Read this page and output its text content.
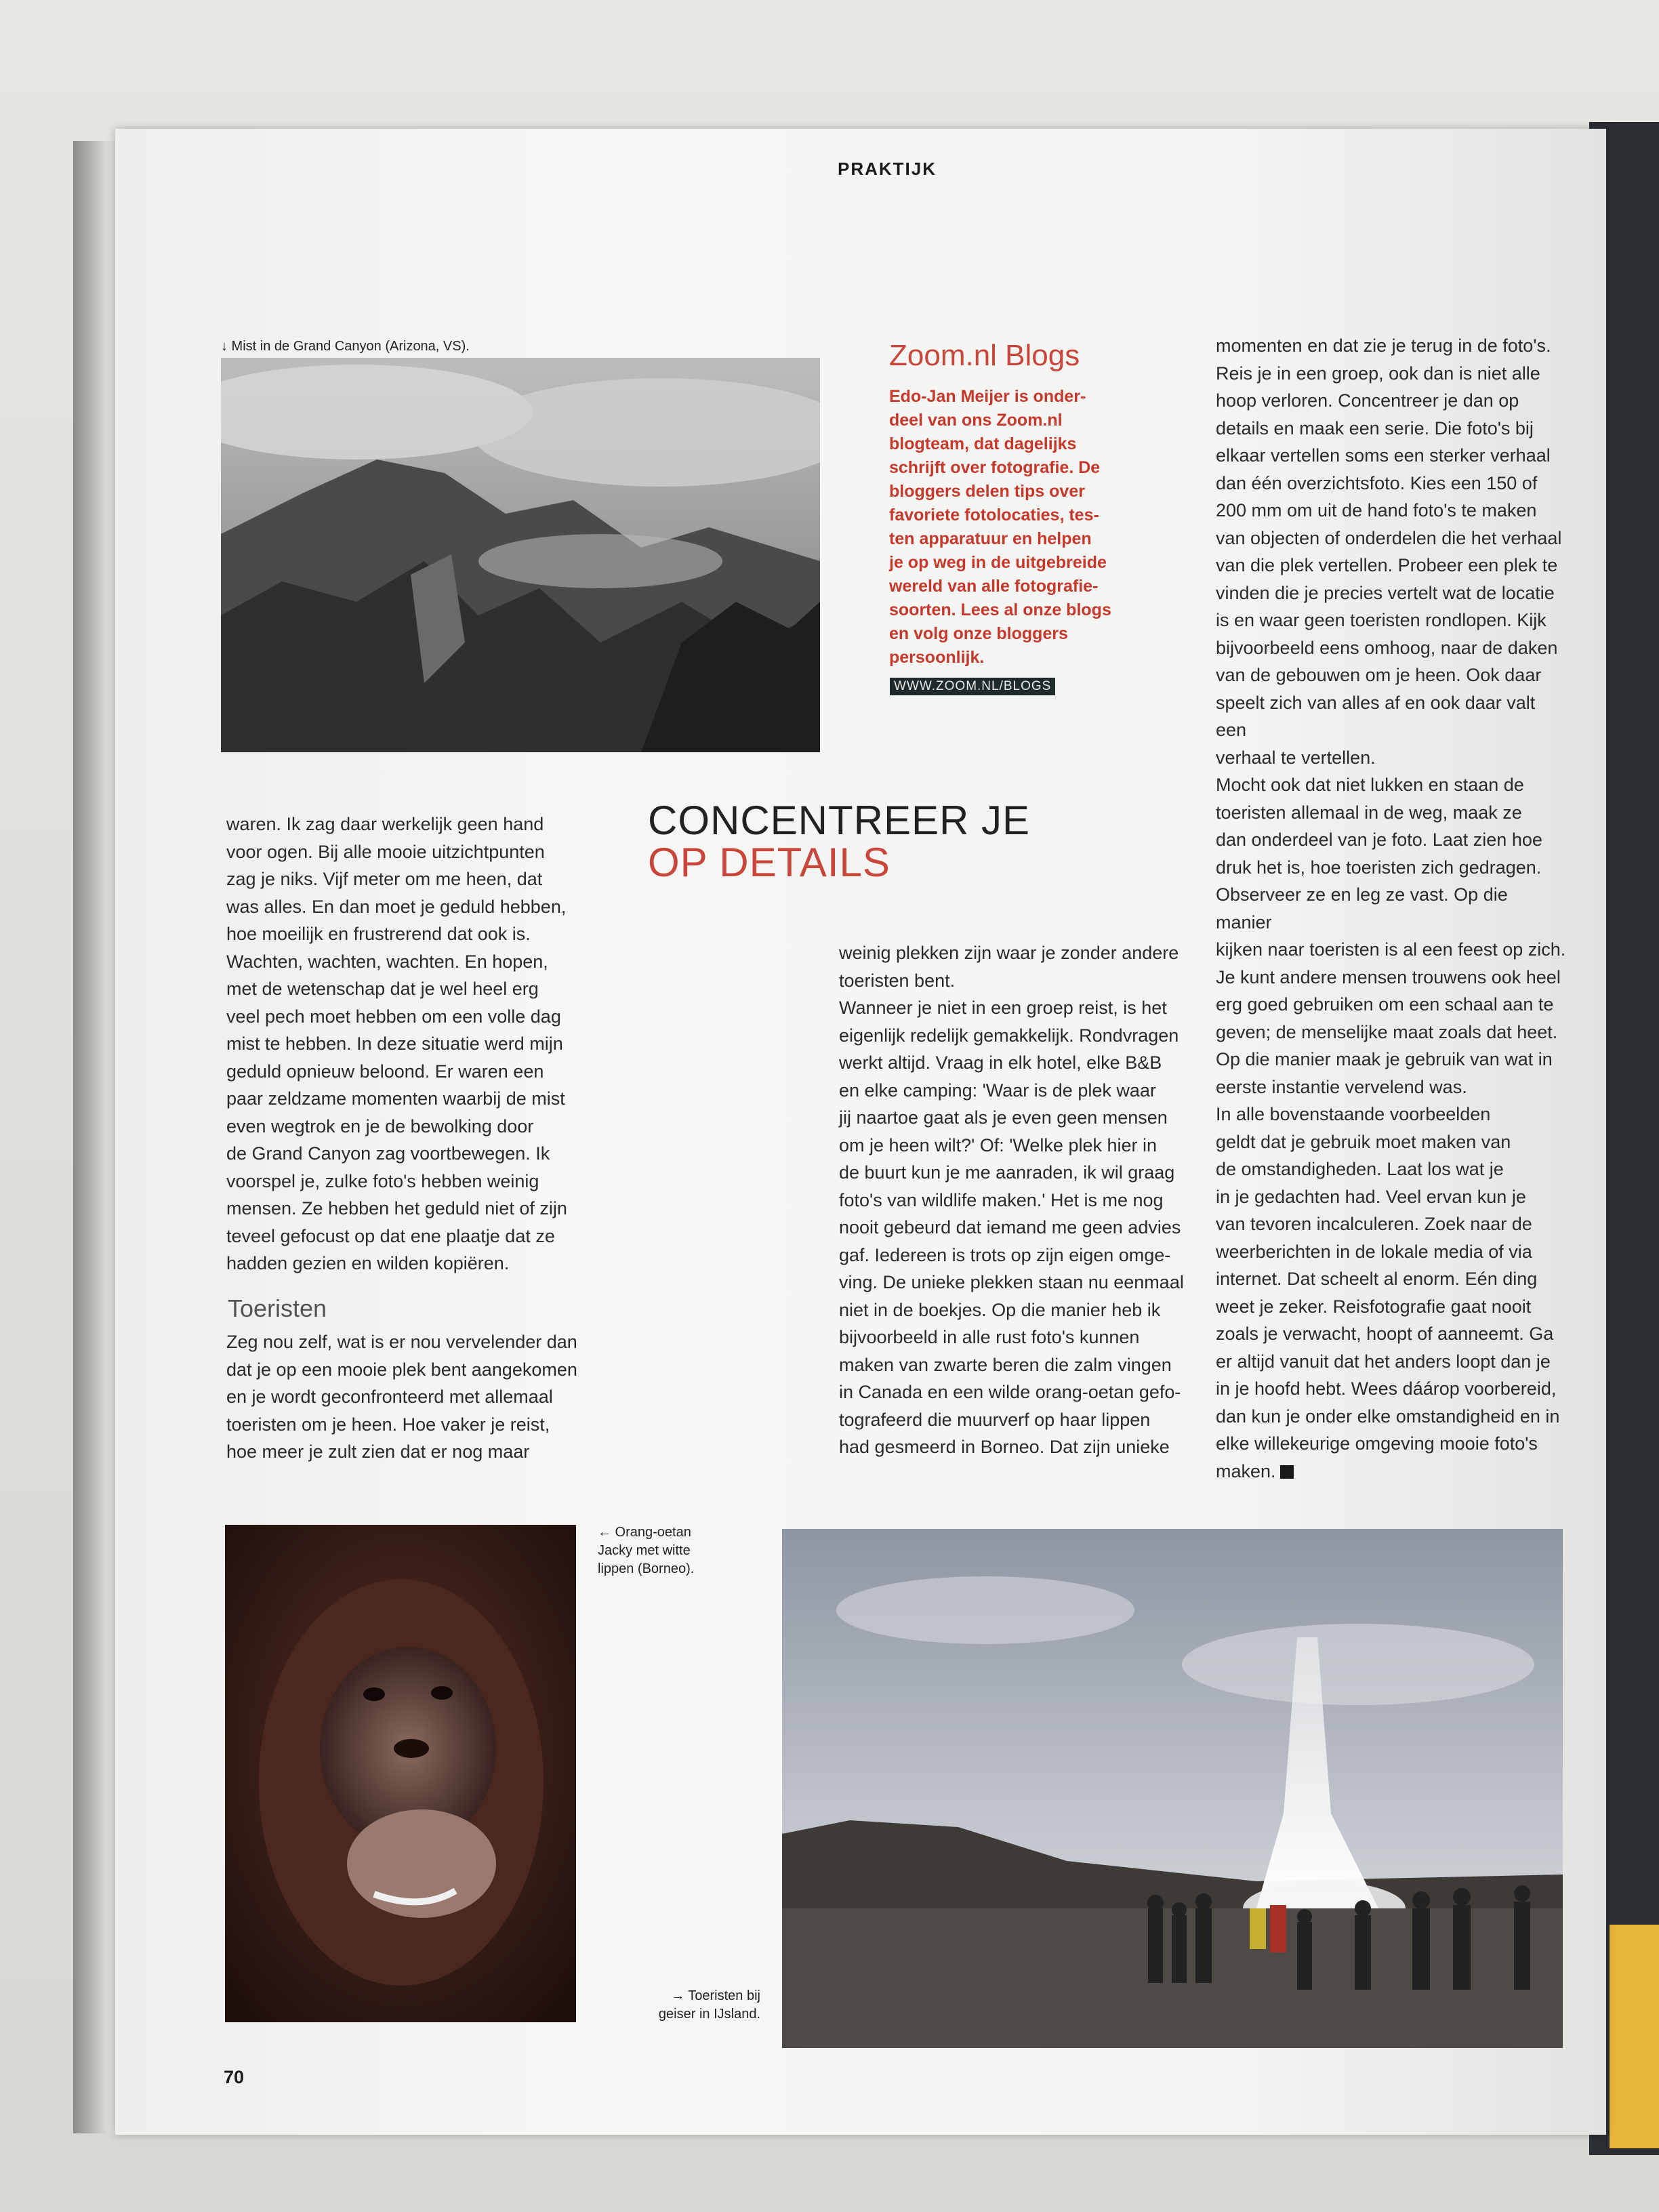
PRAKTIJK
↓ Mist in de Grand Canyon (Arizona, VS).	Zoom.nl Blogs
Edo-Jan Meijer is onder-
deel van ons Zoom.nl
blogteam, dat dagelijks
schrijft over fotografie. De
bloggers delen tips over
favoriete fotolocaties, tes-
ten apparatuur en helpen
je op weg in de uitgebreide
wereld van alle fotografie-
soorten. Lees al onze blogs
en volg onze bloggers
persoonlijk.
WWW.ZOOM.NL/BLOGS
CONCENTREER JE
OP DETAILS

waren. Ik zag daar werkelijk geen hand

voor ogen. Bij alle mooie uitzichtpunten

zag je niks. Vijf meter om me heen, dat

was alles. En dan moet je geduld hebben,

hoe moeilijk en frustrerend dat ook is.

Wachten, wachten, wachten. En hopen,

met de wetenschap dat je wel heel erg

veel pech moet hebben om een volle dag

mist te hebben. In deze situatie werd mijn

geduld opnieuw beloond. Er waren een

paar zeldzame momenten waarbij de mist

even wegtrok en je de bewolking door

de Grand Canyon zag voortbewegen. Ik

voorspel je, zulke foto's hebben weinig

mensen. Ze hebben het geduld niet of zijn

teveel gefocust op dat ene plaatje dat ze

hadden gezien en wilden kopiëren.

Toeristen

Zeg nou zelf, wat is er nou vervelender dan

dat je op een mooie plek bent aangekomen

en je wordt geconfronteerd met allemaal

toeristen om je heen. Hoe vaker je reist,

hoe meer je zult zien dat er nog maar

weinig plekken zijn waar je zonder andere

toeristen bent.

Wanneer je niet in een groep reist, is het

eigenlijk redelijk gemakkelijk. Rondvragen

werkt altijd. Vraag in elk hotel, elke B&B

en elke camping: 'Waar is de plek waar

jij naartoe gaat als je even geen mensen

om je heen wilt?' Of: 'Welke plek hier in

de buurt kun je me aanraden, ik wil graag

foto's van wildlife maken.' Het is me nog

nooit gebeurd dat iemand me geen advies

gaf. Iedereen is trots op zijn eigen omge-

ving. De unieke plekken staan nu eenmaal

niet in de boekjes. Op die manier heb ik

bijvoorbeeld in alle rust foto's kunnen

maken van zwarte beren die zalm vingen

in Canada en een wilde orang-oetan gefo-

tografeerd die muurverf op haar lippen

had gesmeerd in Borneo. Dat zijn unieke

momenten en dat zie je terug in de foto's.

Reis je in een groep, ook dan is niet alle

hoop verloren. Concentreer je dan op

details en maak een serie. Die foto's bij

elkaar vertellen soms een sterker verhaal

dan één overzichtsfoto. Kies een 150 of

200 mm om uit de hand foto's te maken

van objecten of onderdelen die het verhaal

van die plek vertellen. Probeer een plek te

vinden die je precies vertelt wat de locatie

is en waar geen toeristen rondlopen. Kijk

bijvoorbeeld eens omhoog, naar de daken

van de gebouwen om je heen. Ook daar

speelt zich van alles af en ook daar valt een

verhaal te vertellen.

Mocht ook dat niet lukken en staan de

toeristen allemaal in de weg, maak ze

dan onderdeel van je foto. Laat zien hoe

druk het is, hoe toeristen zich gedragen.

Observeer ze en leg ze vast. Op die manier

kijken naar toeristen is al een feest op zich.

Je kunt andere mensen trouwens ook heel

erg goed gebruiken om een schaal aan te

geven; de menselijke maat zoals dat heet.

Op die manier maak je gebruik van wat in

eerste instantie vervelend was.

In alle bovenstaande voorbeelden

geldt dat je gebruik moet maken van

de omstandigheden. Laat los wat je

in je gedachten had. Veel ervan kun je

van tevoren incalculeren. Zoek naar de

weerberichten in de lokale media of via

internet. Dat scheelt al enorm. Eén ding

weet je zeker. Reisfotografie gaat nooit

zoals je verwacht, hoopt of aanneemt. Ga

er altijd vanuit dat het anders loopt dan je

in je hoofd hebt. Wees dáárop voorbereid,

dan kun je onder elke omstandigheid en in

elke willekeurige omgeving mooie foto's

maken.

← Orang-oetan
Jacky met witte
lippen (Borneo).
→ Toeristen bij
geiser in IJsland.
70
